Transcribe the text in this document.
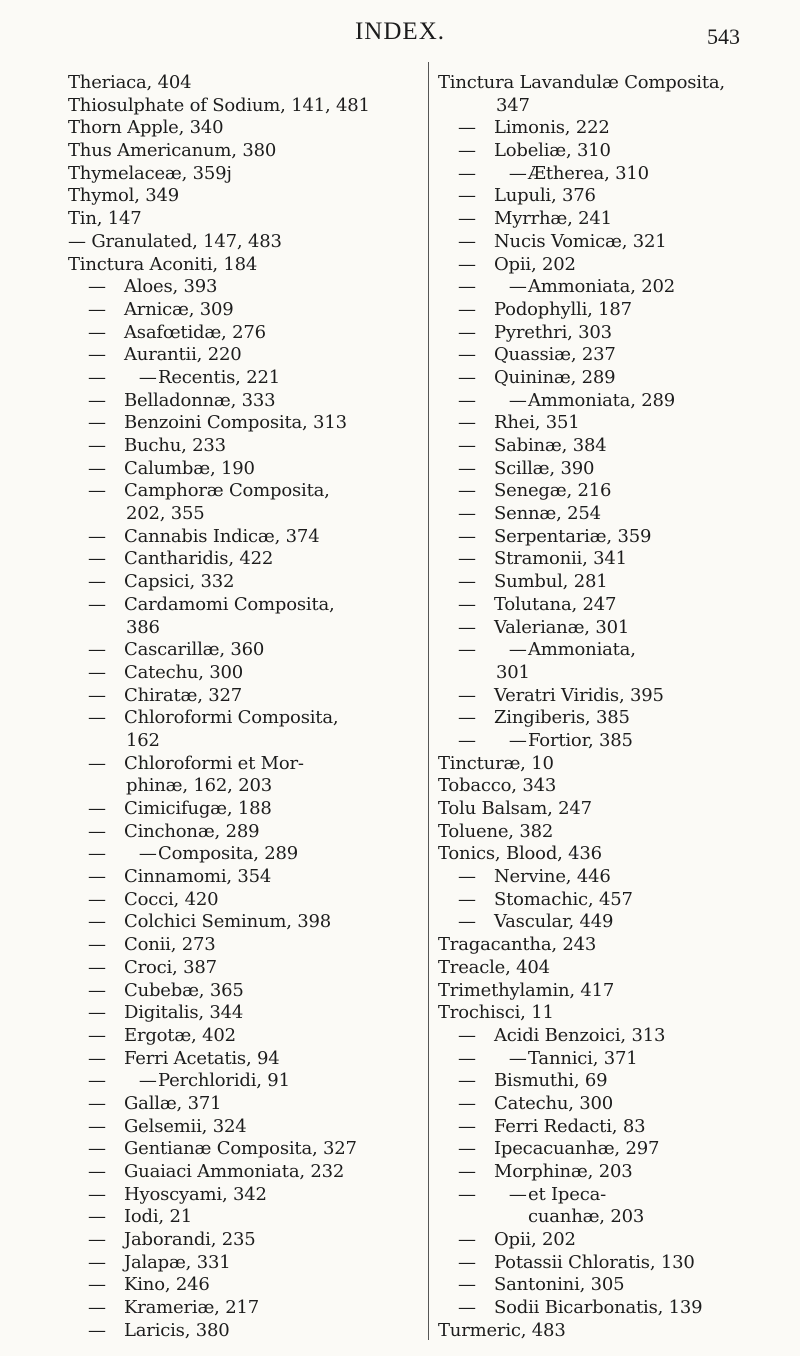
INDEX.	543
Theriaca, 404
Thiosulphate of Sodium, 141, 481
Thorn Apple, 340
Thus Americanum, 380
Thymelaceæ, 359j
Thymol, 349
Tin, 147
— Granulated, 147, 483
Tinctura Aconiti, 184
— Aloes, 393
— Arnicæ, 309
— Asafœtidæ, 276
— Aurantii, 220
—      —Recentis, 221
— Belladonnæ, 333
— Benzoini Composita, 313
— Buchu, 233
— Calumbæ, 190
— Camphoræ Composita,
202, 355
— Cannabis Indicæ, 374
— Cantharidis, 422
— Capsici, 332
— Cardamomi Composita,
386
— Cascarillæ, 360
— Catechu, 300
— Chiratæ, 327
— Chloroformi Composita,
162
— Chloroformi et Mor-
phinæ, 162, 203
— Cimicifugæ, 188
— Cinchonæ, 289
—      —Composita, 289
— Cinnamomi, 354
— Cocci, 420
— Colchici Seminum, 398
— Conii, 273
— Croci, 387
— Cubebæ, 365
— Digitalis, 344
— Ergotæ, 402
— Ferri Acetatis, 94
—      —Perchloridi, 91
— Gallæ, 371
— Gelsemii, 324
— Gentianæ Composita, 327
— Guaiaci Ammoniata, 232
— Hyoscyami, 342
— Iodi, 21
— Jaborandi, 235
— Jalapæ, 331
— Kino, 246
— Krameriæ, 217
— Laricis, 380
Tinctura Lavandulæ Composita,
347
— Limonis, 222
— Lobeliæ, 310
—      —Ætherea, 310
— Lupuli, 376
— Myrrhæ, 241
— Nucis Vomicæ, 321
— Opii, 202
—      —Ammoniata, 202
— Podophylli, 187
— Pyrethri, 303
— Quassiæ, 237
— Quininæ, 289
—      —Ammoniata, 289
— Rhei, 351
— Sabinæ, 384
— Scillæ, 390
— Senegæ, 216
— Sennæ, 254
— Serpentariæ, 359
— Stramonii, 341
— Sumbul, 281
— Tolutana, 247
— Valerianæ, 301
—      —Ammoniata,
301
— Veratri Viridis, 395
— Zingiberis, 385
—      —Fortior, 385
Tincturæ, 10
Tobacco, 343
Tolu Balsam, 247
Toluene, 382
Tonics, Blood, 436
— Nervine, 446
— Stomachic, 457
— Vascular, 449
Tragacantha, 243
Treacle, 404
Trimethylamin, 417
Trochisci, 11
— Acidi Benzoici, 313
—      —Tannici, 371
— Bismuthi, 69
— Catechu, 300
— Ferri Redacti, 83
— Ipecacuanhæ, 297
— Morphinæ, 203
—      —et Ipeca-
cuanhæ, 203
— Opii, 202
— Potassii Chloratis, 130
— Santonini, 305
— Sodii Bicarbonatis, 139
Turmeric, 483
